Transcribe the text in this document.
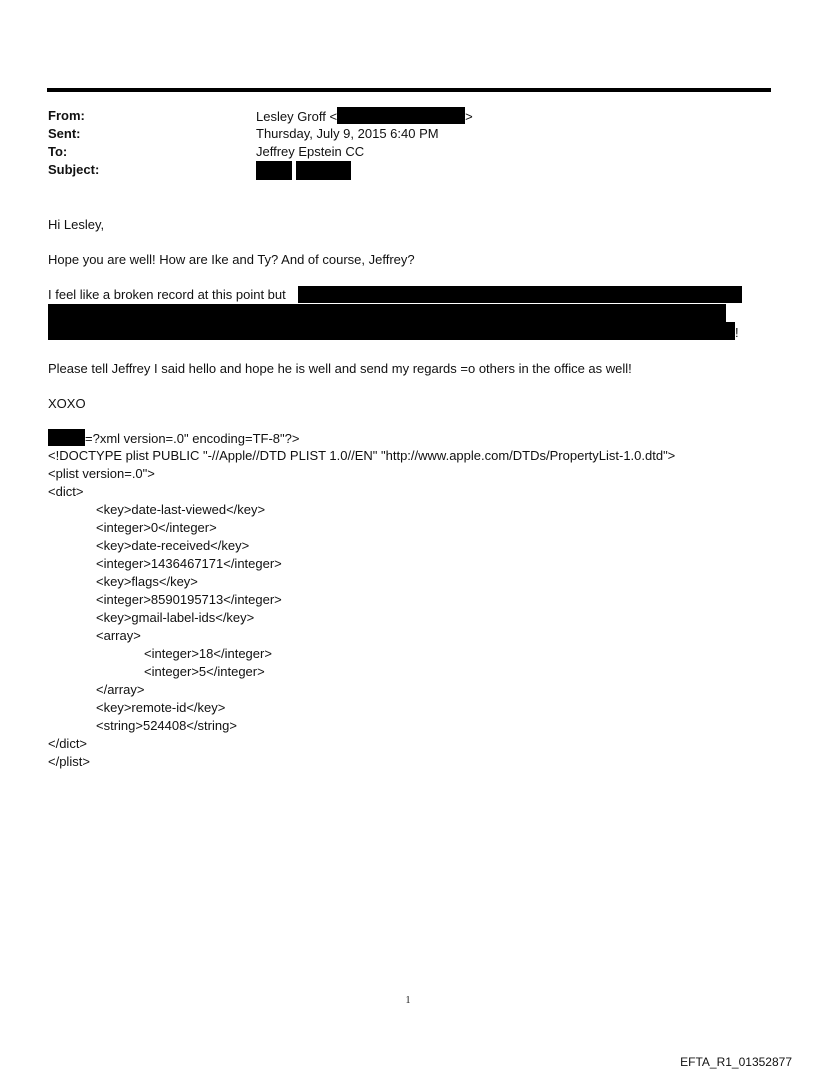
From:	Lesley Groff <	>
Sent:	Thursday, July 9, 2015 6:40 PM
To:	Jeffrey Epstein CC
Subject:

Hi Lesley,
Hope you are well! How are Ike and Ty? And of course, Jeffrey?
I feel like a broken record at this point but
!
Please tell Jeffrey I said hello and hope he is well and send my regards =o others in the office as well!
XOXO
=?xml version=.0" encoding=TF-8"?>
<!DOCTYPE plist PUBLIC "-//Apple//DTD PLIST 1.0//EN" "http://www.apple.com/DTDs/PropertyList-1.0.dtd">
<plist version=.0">
<dict>
<key>date-last-viewed</key>
<integer>0</integer>
<key>date-received</key>
<integer>1436467171</integer>
<key>flags</key>
<integer>8590195713</integer>
<key>gmail-label-ids</key>
<array>
<integer>18</integer>
<integer>5</integer>
</array>
<key>remote-id</key>
<string>524408</string>
</dict>
</plist>
1
EFTA_R1_01352877
